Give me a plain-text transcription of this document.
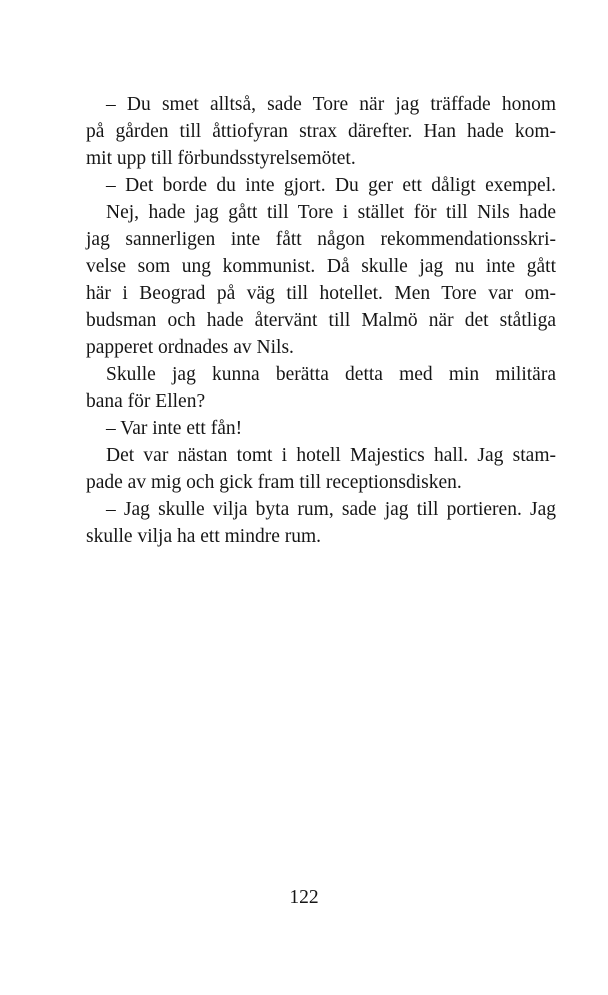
– Du smet alltså, sade Tore när jag träffade honom

på gården till åttiofyran strax därefter. Han hade kom-

mit upp till förbundsstyrelsemötet.

– Det borde du inte gjort. Du ger ett dåligt exempel.

Nej, hade jag gått till Tore i stället för till Nils hade

jag sannerligen inte fått någon rekommendationsskri-

velse som ung kommunist. Då skulle jag nu inte gått

här i Beograd på väg till hotellet. Men Tore var om-

budsman och hade återvänt till Malmö när det ståtliga

papperet ordnades av Nils.

Skulle jag kunna berätta detta med min militära

bana för Ellen?

– Var inte ett fån!

Det var nästan tomt i hotell Majestics hall. Jag stam-

pade av mig och gick fram till receptionsdisken.

– Jag skulle vilja byta rum, sade jag till portieren. Jag

skulle vilja ha ett mindre rum.

122
